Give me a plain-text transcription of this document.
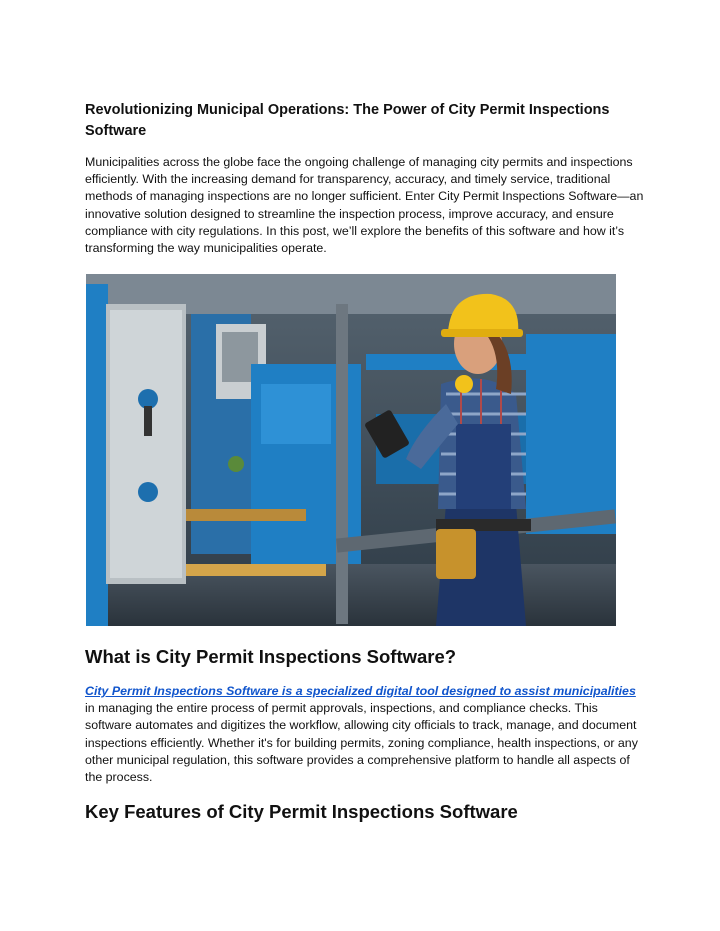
Revolutionizing Municipal Operations: The Power of City Permit Inspections Software

Municipalities across the globe face the ongoing challenge of managing city permits and inspections efficiently. With the increasing demand for transparency, accuracy, and timely service, traditional methods of managing inspections are no longer sufficient. Enter City Permit Inspections Software—an innovative solution designed to streamline the inspection process, improve accuracy, and ensure compliance with city regulations. In this post, we’ll explore the benefits of this software and how it’s transforming the way municipalities operate.

What is City Permit Inspections Software?

City Permit Inspections Software is a specialized digital tool designed to assist municipalities in managing the entire process of permit approvals, inspections, and compliance checks. This software automates and digitizes the workflow, allowing city officials to track, manage, and document inspections efficiently. Whether it's for building permits, zoning compliance, health inspections, or any other municipal regulation, this software provides a comprehensive platform to handle all aspects of the process.

Key Features of City Permit Inspections Software
